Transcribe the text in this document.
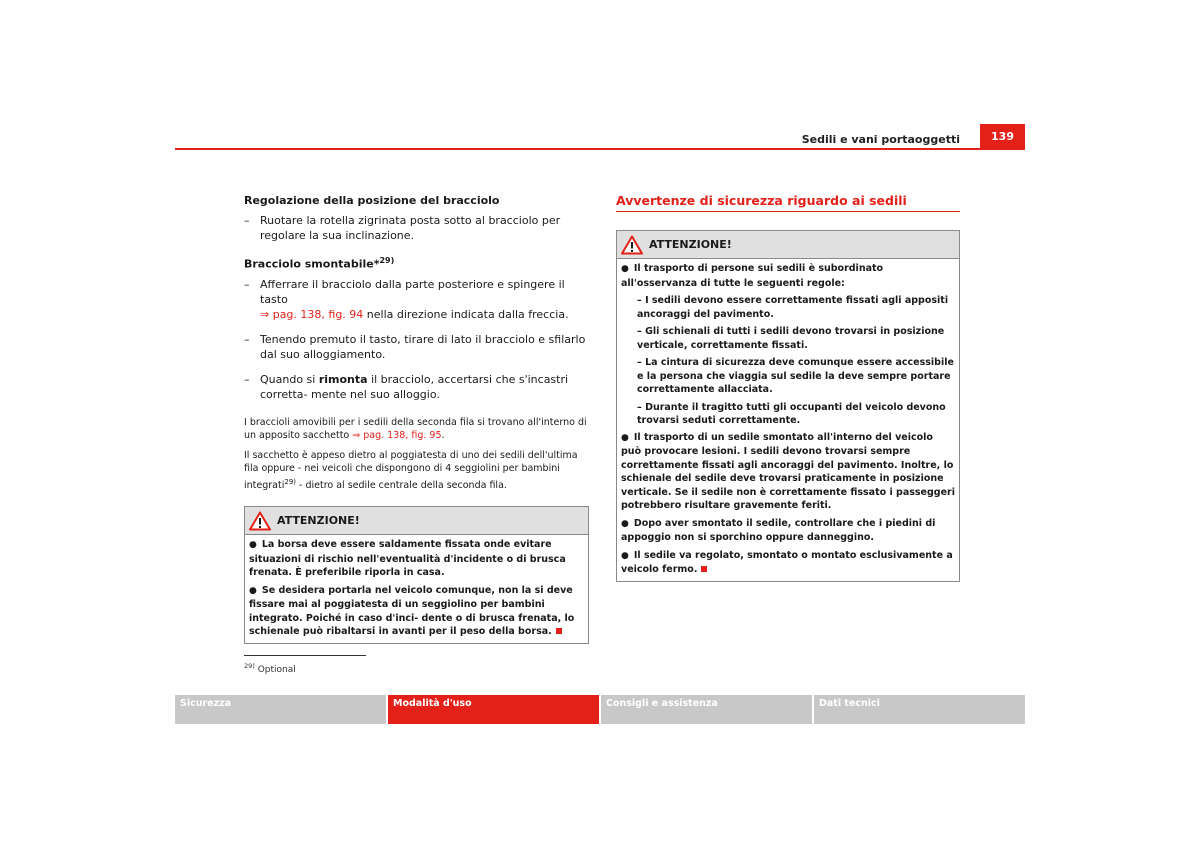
Sedili e vani portaoggetti	139

Regolazione della posizione del bracciolo

– Ruotare la rotella zigrinata posta sotto al bracciolo per regolare la sua inclinazione.

Bracciolo smontabile*$^{29)}$

– Afferrare il bracciolo dalla parte posteriore e spingere il tasto
⇒ pag. 138, fig. 94 nella direzione indicata dalla freccia.
– Tenendo premuto il tasto, tirare di lato il bracciolo e sfilarlo dal suo alloggiamento.
– Quando si rimonta il bracciolo, accertarsi che s'incastri corretta- mente nel suo alloggio.

I braccioli amovibili per i sedili della seconda fila si trovano all'interno di un apposito sacchetto ⇒ pag. 138, fig. 95.

Il sacchetto è appeso dietro al poggiatesta di uno dei sedili dell'ultima fila oppure - nei veicoli che dispongono di 4 seggiolini per bambini integrati$^{29)}$ - dietro al sedile centrale della seconda fila.

ATTENZIONE!

● La borsa deve essere saldamente fissata onde evitare situazioni di rischio nell'eventualità d'incidente o di brusca frenata. È preferibile riporla in casa.

● Se desidera portarla nel veicolo comunque, non la si deve fissare mai al poggiatesta di un seggiolino per bambini integrato. Poiché in caso d'inci- dente o di brusca frenata, lo schienale può ribaltarsi in avanti per il peso della borsa.

Avvertenze di sicurezza riguardo ai sedili
ATTENZIONE!

● Il trasporto di persone sui sedili è subordinato all'osservanza di tutte le seguenti regole:

– I sedili devono essere correttamente fissati agli appositi ancoraggi del pavimento.

– Gli schienali di tutti i sedili devono trovarsi in posizione verticale, correttamente fissati.

– La cintura di sicurezza deve comunque essere accessibile e la persona che viaggia sul sedile la deve sempre portare correttamente allacciata.

– Durante il tragitto tutti gli occupanti del veicolo devono trovarsi seduti correttamente.

● Il trasporto di un sedile smontato all'interno del veicolo può provocare lesioni. I sedili devono trovarsi sempre correttamente fissati agli ancoraggi del pavimento. Inoltre, lo schienale del sedile deve trovarsi praticamente in posizione verticale. Se il sedile non è correttamente fissato i passeggeri potrebbero risultare gravemente feriti.

● Dopo aver smontato il sedile, controllare che i piedini di appoggio non si sporchino oppure danneggino.

● Il sedile va regolato, smontato o montato esclusivamente a veicolo fermo.

$^{29)}$ Optional
Sicurezza	Modalità d'uso	Consigli e assistenza	Dati tecnici
